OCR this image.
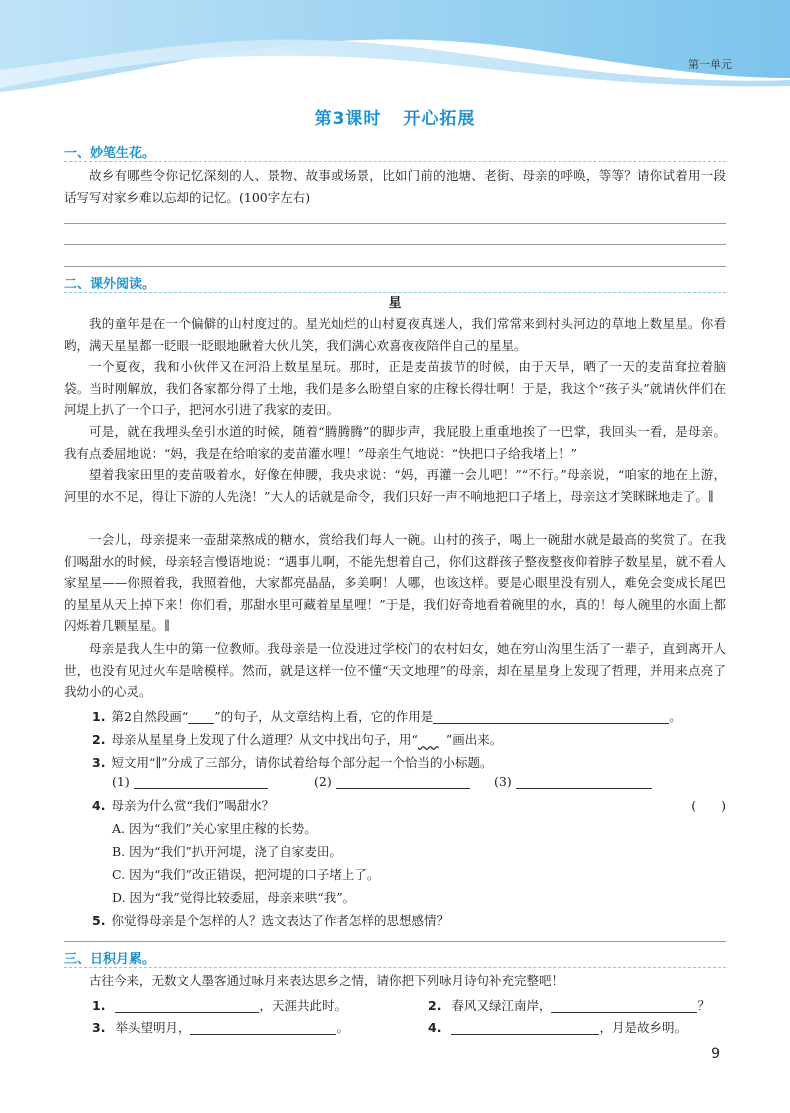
第一单元
第3课时 开心拓展
一、妙笔生花。

故乡有哪些令你记忆深刻的人、景物、故事或场景，比如门前的池塘、老街、母亲的呼唤，等等？请你试着用一段话写写对家乡难以忘却的记忆。(100字左右)

二、课外阅读。
星

我的童年是在一个偏僻的山村度过的。星光灿烂的山村夏夜真迷人，我们常常来到村头河边的草地上数星星。你看哟，满天星星都一眨眼一眨眼地瞅着大伙儿笑，我们满心欢喜夜夜陪伴自己的星星。

一个夏夜，我和小伙伴又在河沿上数星星玩。那时，正是麦苗拔节的时候，由于天旱，晒了一天的麦苗耷拉着脑袋。当时刚解放，我们各家都分得了土地，我们是多么盼望自家的庄稼长得壮啊！于是，我这个“孩子头”就请伙伴们在河堤上扒了一个口子，把河水引进了我家的麦田。

可是，就在我埋头垒引水道的时候，随着“腾腾腾”的脚步声，我屁股上重重地挨了一巴掌，我回头一看，是母亲。我有点委屈地说：“妈，我是在给咱家的麦苗灌水哩！”母亲生气地说：“快把口子给我堵上！”

望着我家田里的麦苗吸着水，好像在伸腰，我央求说：“妈，再灌一会儿吧！”“不行。”母亲说，“咱家的地在上游，河里的水不足，得让下游的人先浇！”大人的话就是命令，我们只好一声不响地把口子堵上，母亲这才笑眯眯地走了。∥

一会儿，母亲提来一壶甜菜熬成的糖水，赏给我们每人一碗。山村的孩子，喝上一碗甜水就是最高的奖赏了。在我们喝甜水的时候，母亲轻言慢语地说：“遇事儿啊，不能先想着自己，你们这群孩子整夜整夜仰着脖子数星星，就不看人家星星——你照着我，我照着他，大家都亮晶晶，多美啊！人哪，也该这样。要是心眼里没有别人，难免会变成长尾巴的星星从天上掉下来！你们看，那甜水里可藏着星星哩！”于是，我们好奇地看着碗里的水，真的！每人碗里的水面上都闪烁着几颗星星。∥

母亲是我人生中的第一位教师。我母亲是一位没进过学校门的农村妇女，她在穷山沟里生活了一辈子，直到离开人世，也没有见过火车是啥模样。然而，就是这样一位不懂“天文地理”的母亲，却在星星身上发现了哲理，并用来点亮了我幼小的心灵。

1. 第2自然段画“ ”的句子，从文章结构上看，它的作用是	。
2. 母亲从星星身上发现了什么道理？从文中找出句子，用“ ”画出来。
3. 短文用“∥”分成了三部分，请你试着给每个部分起一个恰当的小标题。
(1)	(2)	(3)
4. 母亲为什么赏“我们”喝甜水？	(　　)
A. 因为“我们”关心家里庄稼的长势。
B. 因为“我们”扒开河堤，浇了自家麦田。
C. 因为“我们”改正错误，把河堤的口子堵上了。
D. 因为“我”觉得比较委屈，母亲来哄“我”。
5. 你觉得母亲是个怎样的人？选文表达了作者怎样的思想感情？
三、日积月累。

古往今来，无数文人墨客通过咏月来表达思乡之情，请你把下列咏月诗句补充完整吧！

1.	，天涯共此时。	2. 春风又绿江南岸，	？
3. 举头望明月，	。	4.	，月是故乡明。
9
